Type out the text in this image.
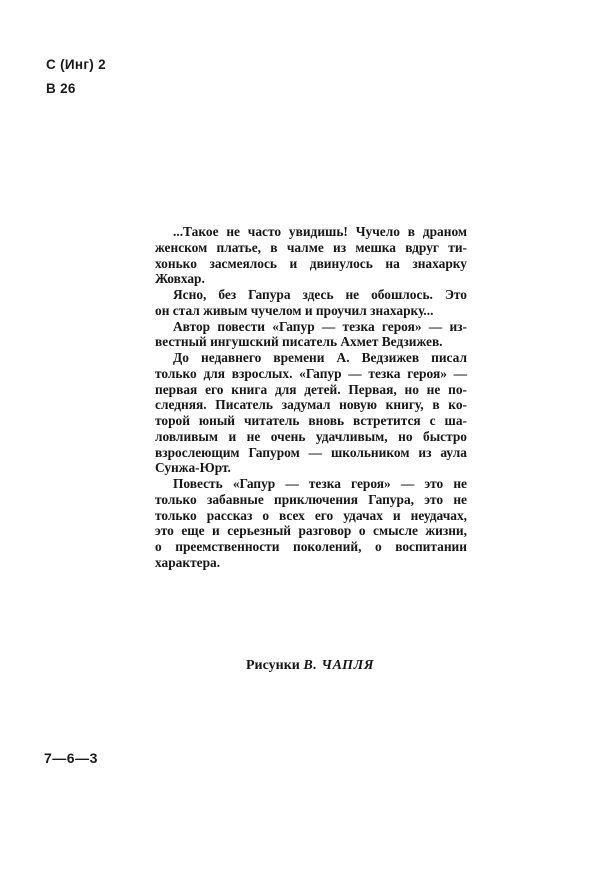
С (Инг) 2
В 26
...Такое не часто увидишь! Чучело в драном
женском платье, в чалме из мешка вдруг ти-
хонько засмеялось и двинулось на знахарку
Жовхар.
Ясно, без Гапура здесь не обошлось. Это
он стал живым чучелом и проучил знахарку...
Автор повести «Гапур — тезка героя» — из-
вестный ингушский писатель Ахмет Ведзижев.
До недавнего времени А. Ведзижев писал
только для взрослых. «Гапур — тезка героя» —
первая его книга для детей. Первая, но не по-
следняя. Писатель задумал новую книгу, в ко-
торой юный читатель вновь встретится с ша-
ловливым и не очень удачливым, но быстро
взрослеющим Гапуром — школьником из аула
Сунжа-Юрт.
Повесть «Гапур — тезка героя» — это не
только забавные приключения Гапура, это не
только рассказ о всех его удачах и неудачах,
это еще и серьезный разговор о смысле жизни,
о преемственности поколений, о воспитании
характера.
Рисунки В. ЧАПЛЯ
7—6—3
